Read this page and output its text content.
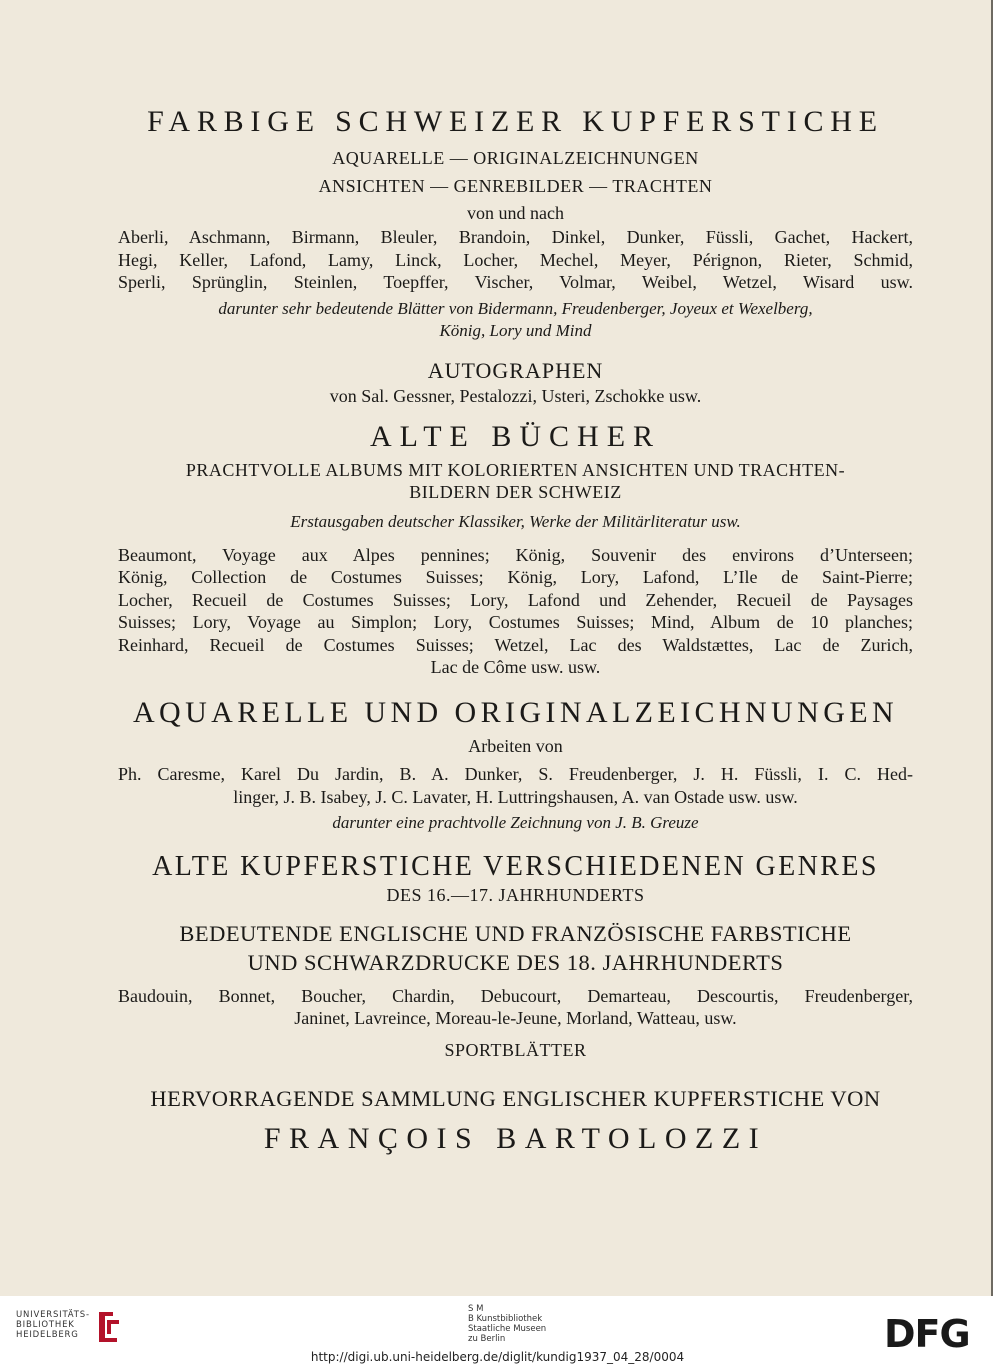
FARBIGE SCHWEIZER KUPFERSTICHE

AQUARELLE — ORIGINALZEICHNUNGEN

ANSICHTEN — GENREBILDER — TRACHTEN

von und nach

Aberli, Aschmann, Birmann, Bleuler, Brandoin, Dinkel, Dunker, Füssli, Gachet, Hackert,

Hegi, Keller, Lafond, Lamy, Linck, Locher, Mechel, Meyer, Pérignon, Rieter, Schmid,

Sperli, Sprünglin, Steinlen, Toepffer, Vischer, Volmar, Weibel, Wetzel, Wisard usw.

darunter sehr bedeutende Blätter von Bidermann, Freudenberger, Joyeux et Wexelberg,

König, Lory und Mind

AUTOGRAPHEN

von Sal. Gessner, Pestalozzi, Usteri, Zschokke usw.

ALTE BÜCHER

PRACHTVOLLE ALBUMS MIT KOLORIERTEN ANSICHTEN UND TRACHTEN-

BILDERN DER SCHWEIZ

Erstausgaben deutscher Klassiker, Werke der Militärliteratur usw.

Beaumont, Voyage aux Alpes pennines; König, Souvenir des environs d’Unterseen;

König, Collection de Costumes Suisses; König, Lory, Lafond, L’Ile de Saint-Pierre;

Locher, Recueil de Costumes Suisses; Lory, Lafond und Zehender, Recueil de Paysages

Suisses; Lory, Voyage au Simplon; Lory, Costumes Suisses; Mind, Album de 10 planches;

Reinhard, Recueil de Costumes Suisses; Wetzel, Lac des Waldstættes, Lac de Zurich,

Lac de Côme usw. usw.

AQUARELLE UND ORIGINALZEICHNUNGEN

Arbeiten von

Ph. Caresme, Karel Du Jardin, B. A. Dunker, S. Freudenberger, J. H. Füssli, I. C. Hed-

linger, J. B. Isabey, J. C. Lavater, H. Luttringshausen, A. van Ostade usw. usw.

darunter eine prachtvolle Zeichnung von J. B. Greuze

ALTE KUPFERSTICHE VERSCHIEDENEN GENRES

DES 16.—17. JAHRHUNDERTS

BEDEUTENDE ENGLISCHE UND FRANZÖSISCHE FARBSTICHE

UND SCHWARZDRUCKE DES 18. JAHRHUNDERTS

Baudouin, Bonnet, Boucher, Chardin, Debucourt, Demarteau, Descourtis, Freudenberger,

Janinet, Lavreince, Moreau-le-Jeune, Morland, Watteau, usw.

SPORTBLÄTTER

HERVORRAGENDE SAMMLUNG ENGLISCHER KUPFERSTICHE VON

FRANÇOIS BARTOLOZZI

UNIVERSITÄTS-
BIBLIOTHEK
HEIDELBERG
S M
B Kunstbibliothek
Staatliche Museen
zu Berlin	DFG
http://digi.ub.uni-heidelberg.de/diglit/kundig1937_04_28/0004
